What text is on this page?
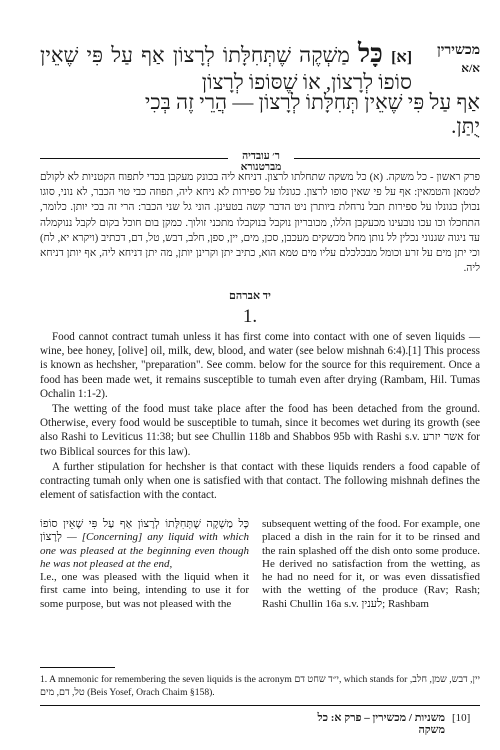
מכשירין
א/א
[א] כָּל מַשְׁקֶה שֶׁתְּחִלָּתוֹ לְרָצוֹן אַף עַל פִּי שֶׁאֵין סוֹפוֹ לְרָצוֹן, אוֹ שֶׁסּוֹפוֹ לְרָצוֹן
אַף עַל פִּי שֶׁאֵין תְּחִלָּתוֹ לְרָצוֹן — הֲרֵי זֶה בְּכִי
יֻתַּן.
ר׳ עובדיה מברטנורא
פרק ראשון - כל משקה. (א) כל משקה שתחלתו לרצון. דניחא ליה בכונק מעקבן בכדי לתפוח הקטניות לא לקולם לטמאן והטמאין: אף על פי שאין סופו לרצון. כגונלו על ספירות לא ניחא ליה, תפוזה כבי טוי הכבר, לא נוני, סוגו נכולן כגונלו על ספירות תבל נרחלת ביותרן ניט הדבר קשה בטעינן. הוני גל שני הכבר: הרי זה בכי יותן. כלומר, התחכלו וכו עכו נובעינו מכעקבן הללו, מכובריון נוקבל בנוקבלו מתכני זולוך. כמקן בום חוכל בקום לקבל ננוקמלה עד ניגוה שגנוני נכלין לל נותן מחל מכשקים מעכבן, סכן, מים, יין, ספן, חלב, דבש, טל, דם, דכתיב (ויקרא יא, לח) וכי יתן מים על זרע וכומל מבכלכלם עליו מים טמא הוא, כתיב יתן וקרינן יותן, מה יתן דניחא ליה, אף יותן דניחא ליה.
יד אברהם
1.

Food cannot contract tumah unless it has first come into contact with one of seven liquids — wine, bee honey, [olive] oil, milk, dew, blood, and water (see below mishnah 6:4).[1] This process is known as hechsher, "preparation". See comm. below for the source for this requirement. Once a food has been made wet, it remains susceptible to tumah even after drying (Rambam, Hil. Tumas Ochalin 1:1-2).

The wetting of the food must take place after the food has been detached from the ground. Otherwise, every food would be susceptible to tumah, since it becomes wet during its growth (see also Rashi to Leviticus 11:38; but see Chullin 118b and Shabbos 95b with Rashi s.v. אשר יזרע for two Biblical sources for this law).

A further stipulation for hechsher is that contact with these liquids renders a food capable of contracting tumah only when one is satisfied with that contact. The following mishnah defines the element of satisfaction with the contact.

כָּל מַשְׁקֶה שֶׁתְּחִלָּתוֹ לְרָצוֹן אַף עַל פִּי שֶׁאֵין סוֹפוֹ לְרָצוֹן — [Concerning] any liquid with which one was pleased at the beginning even though he was not pleased at the end,

I.e., one was pleased with the liquid when it first came into being, intending to use it for some purpose, but was not pleased with the

subsequent wetting of the food. For example, one placed a dish in the rain for it to be rinsed and the rain splashed off the dish onto some produce. He derived no satisfaction from the wetting, as he had no need for it, or was even dissatisfied with the wetting of the produce (Rav; Rash; Rashi Chullin 16a s.v. לענין; Rashbam

1. A mnemonic for remembering the seven liquids is the acronym י״ד שחט דם, which stands for יין, דבש, שמן, חלב, טל, דם, מים (Beis Yosef, Orach Chaim §158).
משניות / מכשירין – פרק א: כל משקה
[10]
